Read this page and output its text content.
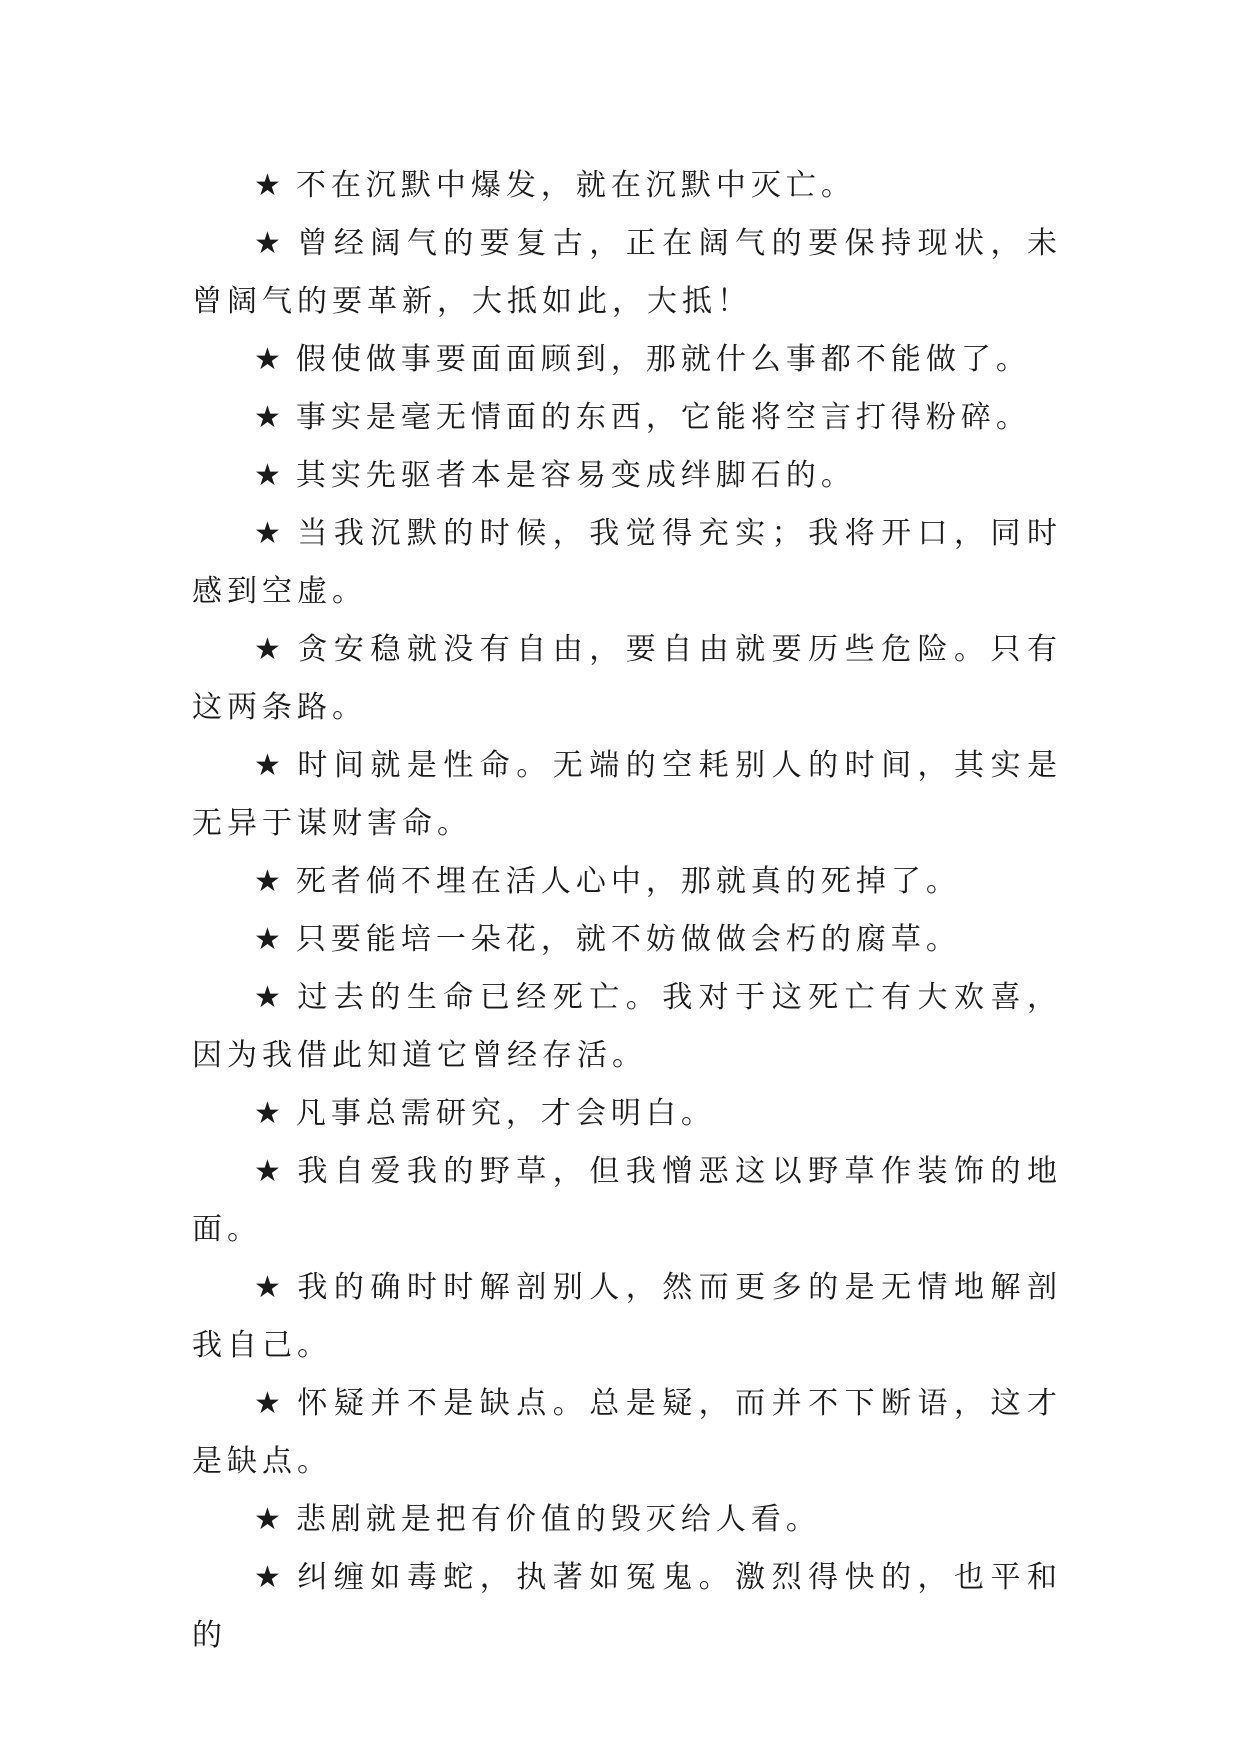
★ 不在沉默中爆发，就在沉默中灭亡。

★ 曾经阔气的要复古，正在阔气的要保持现状，未曾阔气的要革新，大抵如此，大抵！

★ 假使做事要面面顾到，那就什么事都不能做了。

★ 事实是毫无情面的东西，它能将空言打得粉碎。

★ 其实先驱者本是容易变成绊脚石的。

★ 当我沉默的时候，我觉得充实；我将开口，同时感到空虚。

★ 贪安稳就没有自由，要自由就要历些危险。只有这两条路。

★ 时间就是性命。无端的空耗别人的时间，其实是无异于谋财害命。

★ 死者倘不埋在活人心中，那就真的死掉了。

★ 只要能培一朵花，就不妨做做会朽的腐草。

★ 过去的生命已经死亡。我对于这死亡有大欢喜，因为我借此知道它曾经存活。

★ 凡事总需研究，才会明白。

★ 我自爱我的野草，但我憎恶这以野草作装饰的地面。

★ 我的确时时解剖别人，然而更多的是无情地解剖我自己。

★ 怀疑并不是缺点。总是疑，而并不下断语，这才是缺点。

★ 悲剧就是把有价值的毁灭给人看。

★ 纠缠如毒蛇，执著如冤鬼。激烈得快的，也平和的
